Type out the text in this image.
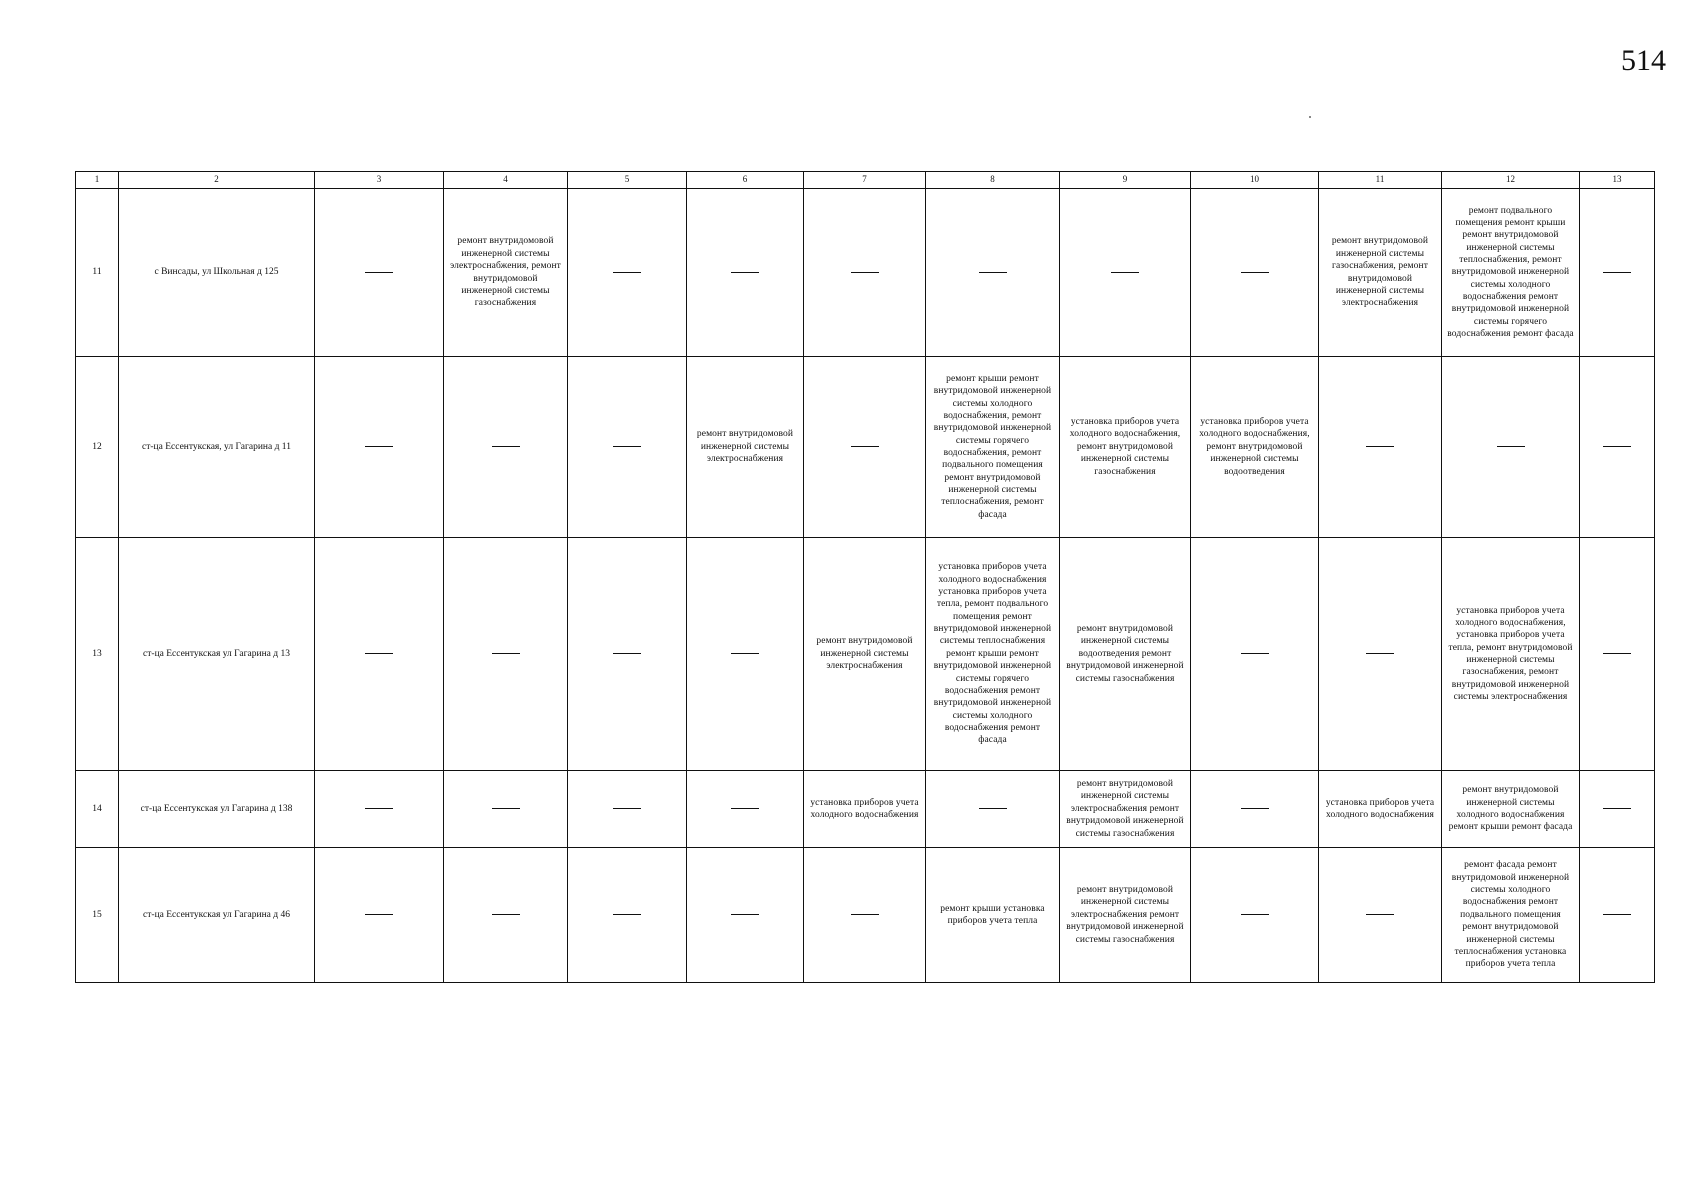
514
1	2	3	4	5	6	7	8	9	10	11	12	13
11	с Винсады, ул Школьная д 125		ремонт внутридомовой инженерной системы электроснабжения, ремонт внутридомовой инженерной системы газоснабжения							ремонт внутридомовой инженерной системы газоснабжения, ремонт внутридомовой инженерной системы электроснабжения	ремонт подвального помещения ремонт крыши ремонт внутридомовой инженерной системы теплоснабжения, ремонт внутридомовой инженерной системы холодного водоснабжения ремонт внутридомовой инженерной системы горячего водоснабжения ремонт фасада	
12	ст-ца Ессентукская, ул Гагарина д 11				ремонт внутридомовой инженерной системы электроснабжения		ремонт крыши ремонт внутридомовой инженерной системы холодного водоснабжения, ремонт внутридомовой инженерной системы горячего водоснабжения, ремонт подвального помещения ремонт внутридомовой инженерной системы теплоснабжения, ремонт фасада	установка приборов учета холодного водоснабжения, ремонт внутридомовой инженерной системы газоснабжения	установка приборов учета холодного водоснабжения, ремонт внутридомовой инженерной системы водоотведения			
13	ст-ца Ессентукская ул Гагарина д 13					ремонт внутридомовой инженерной системы электроснабжения	установка приборов учета холодного водоснабжения установка приборов учета тепла, ремонт подвального помещения ремонт внутридомовой инженерной системы теплоснабжения ремонт крыши ремонт внутридомовой инженерной системы горячего водоснабжения ремонт внутридомовой инженерной системы холодного водоснабжения ремонт фасада	ремонт внутридомовой инженерной системы водоотведения ремонт внутридомовой инженерной системы газоснабжения			установка приборов учета холодного водоснабжения, установка приборов учета тепла, ремонт внутридомовой инженерной системы газоснабжения, ремонт внутридомовой инженерной системы электроснабжения	
14	ст-ца Ессентукская ул Гагарина д 138					установка приборов учета холодного водоснабжения		ремонт внутридомовой инженерной системы электроснабжения ремонт внутридомовой инженерной системы газоснабжения		установка приборов учета холодного водоснабжения	ремонт внутридомовой инженерной системы холодного водоснабжения ремонт крыши ремонт фасада	
15	ст-ца Ессентукская ул Гагарина д 46						ремонт крыши установка приборов учета тепла	ремонт внутридомовой инженерной системы электроснабжения ремонт внутридомовой инженерной системы газоснабжения			ремонт фасада ремонт внутридомовой инженерной системы холодного водоснабжения ремонт подвального помещения ремонт внутридомовой инженерной системы теплоснабжения установка приборов учета тепла	
